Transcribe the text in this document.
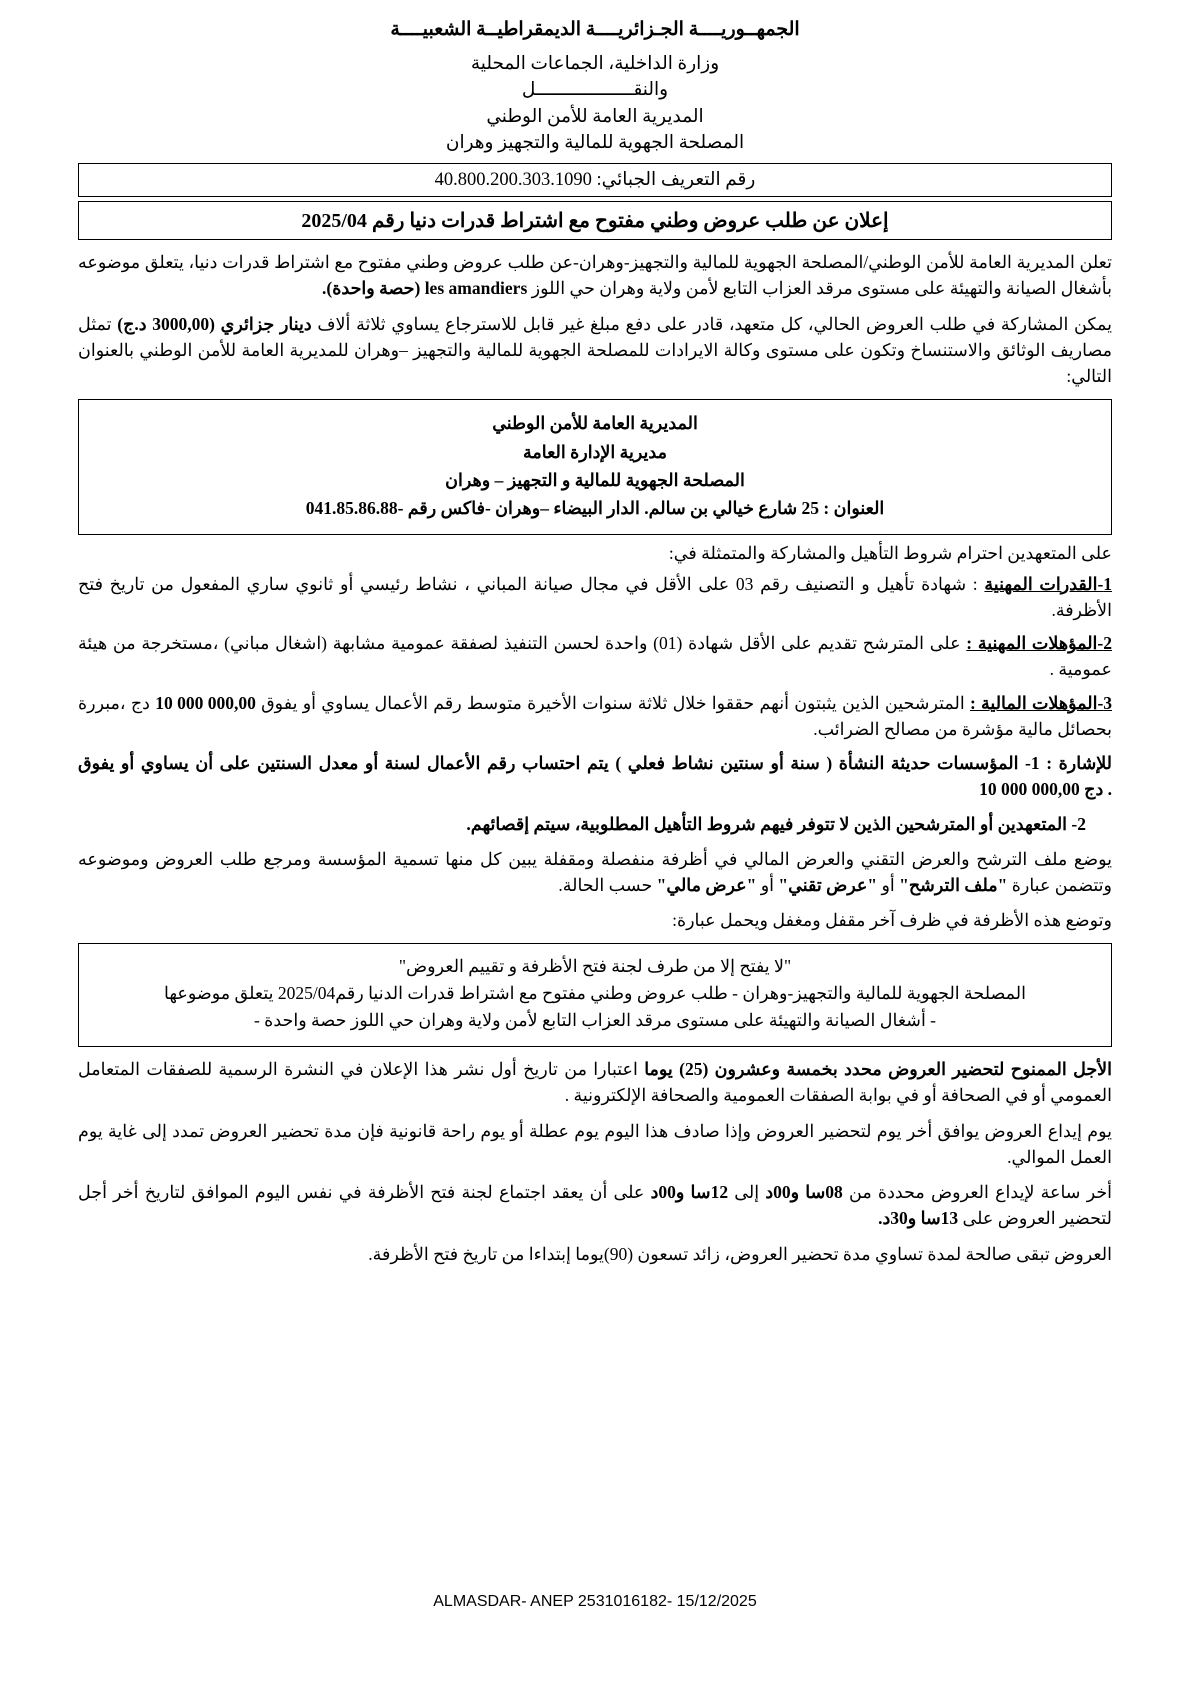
الجمهــوريــــة الجـزائريــــة الديمقراطيــة الشعبيــــة
وزارة الداخلية، الجماعات المحلية
والنقــــــــــــــــــل
المديرية العامة للأمن الوطني
المصلحة الجهوية للمالية والتجهيز وهران
رقم التعريف الجبائي: 40.800.200.303.1090
إعلان عن طلب عروض وطني مفتوح مع اشتراط قدرات دنيا رقم 2025/04

تعلن المديرية العامة للأمن الوطني/المصلحة الجهوية للمالية والتجهيز-وهران-عن طلب عروض وطني مفتوح مع اشتراط قدرات دنيا، يتعلق موضوعه بأشغال الصيانة والتهيئة على مستوى مرقد العزاب التابع لأمن ولاية وهران حي اللوز les amandiers (حصة واحدة).

يمكن المشاركة في طلب العروض الحالي، كل متعهد، قادر على دفع مبلغ غير قابل للاسترجاع يساوي ثلاثة ألاف دينار جزائري (3000,00 د.ج) تمثل مصاريف الوثائق والاستنساخ وتكون على مستوى وكالة الايرادات للمصلحة الجهوية للمالية والتجهيز –وهران للمديرية العامة للأمن الوطني بالعنوان التالي:

المديرية العامة للأمن الوطني
مديرية الإدارة العامة
المصلحة الجهوية للمالية و التجهيز – وهران
العنوان : 25 شارع خيالي بن سالم. الدار البيضاء –وهران -فاكس رقم -041.85.86.88
على المتعهدين احترام شروط التأهيل والمشاركة والمتمثلة في:
1-القدرات المهنية : شهادة تأهيل و التصنيف رقم 03 على الأقل في مجال صيانة المباني ، نشاط رئيسي أو ثانوي ساري المفعول من تاريخ فتح الأظرفة.
2-المؤهلات المهنية : على المترشح تقديم على الأقل شهادة (01) واحدة لحسن التنفيذ لصفقة عمومية مشابهة (اشغال مباني) ،مستخرجة من هيئة عمومية .
3-المؤهلات المالية : المترشحين الذين يثبتون أنهم حققوا خلال ثلاثة سنوات الأخيرة متوسط رقم الأعمال يساوي أو يفوق 10 000 000,00 دج ،مبررة بحصائل مالية مؤشرة من مصالح الضرائب.

للإشارة : 1- المؤسسات حديثة النشأة ( سنة أو سنتين نشاط فعلي ) يتم احتساب رقم الأعمال لسنة أو معدل السنتين على أن يساوي أو يفوق 10 000 000,00 دج .

2- المتعهدين أو المترشحين الذين لا تتوفر فيهم شروط التأهيل المطلوبية، سيتم إقصائهم.

يوضع ملف الترشح والعرض التقني والعرض المالي في أظرفة منفصلة ومقفلة يبين كل منها تسمية المؤسسة ومرجع طلب العروض وموضوعه وتتضمن عبارة "ملف الترشح" أو "عرض تقني" أو "عرض مالي" حسب الحالة.

وتوضع هذه الأظرفة في ظرف آخر مقفل ومغفل ويحمل عبارة:

"لا يفتح إلا من طرف لجنة فتح الأظرفة و تقييم العروض"
المصلحة الجهوية للمالية والتجهيز-وهران - طلب عروض وطني مفتوح مع اشتراط قدرات الدنيا رقم2025/04 يتعلق موضوعها
- أشغال الصيانة والتهيئة على مستوى مرقد العزاب التابع لأمن ولاية وهران حي اللوز حصة واحدة -

الأجل الممنوح لتحضير العروض محدد بخمسة وعشرون (25) يوما اعتبارا من تاريخ أول نشر هذا الإعلان في النشرة الرسمية للصفقات المتعامل العمومي أو في الصحافة أو في بوابة الصفقات العمومية والصحافة الإلكترونية .

يوم إيداع العروض يوافق أخر يوم لتحضير العروض وإذا صادف هذا اليوم يوم عطلة أو يوم راحة قانونية فإن مدة تحضير العروض تمدد إلى غاية يوم العمل الموالي.

أخر ساعة لإيداع العروض محددة من 08سا و00د إلى 12سا و00د على أن يعقد اجتماع لجنة فتح الأظرفة في نفس اليوم الموافق لتاريخ أخر أجل لتحضير العروض على 13سا و30د.

العروض تبقى صالحة لمدة تساوي مدة تحضير العروض، زائد تسعون (90)يوما إبتداءا من تاريخ فتح الأظرفة.

ALMASDAR- ANEP 2531016182- 15/12/2025
